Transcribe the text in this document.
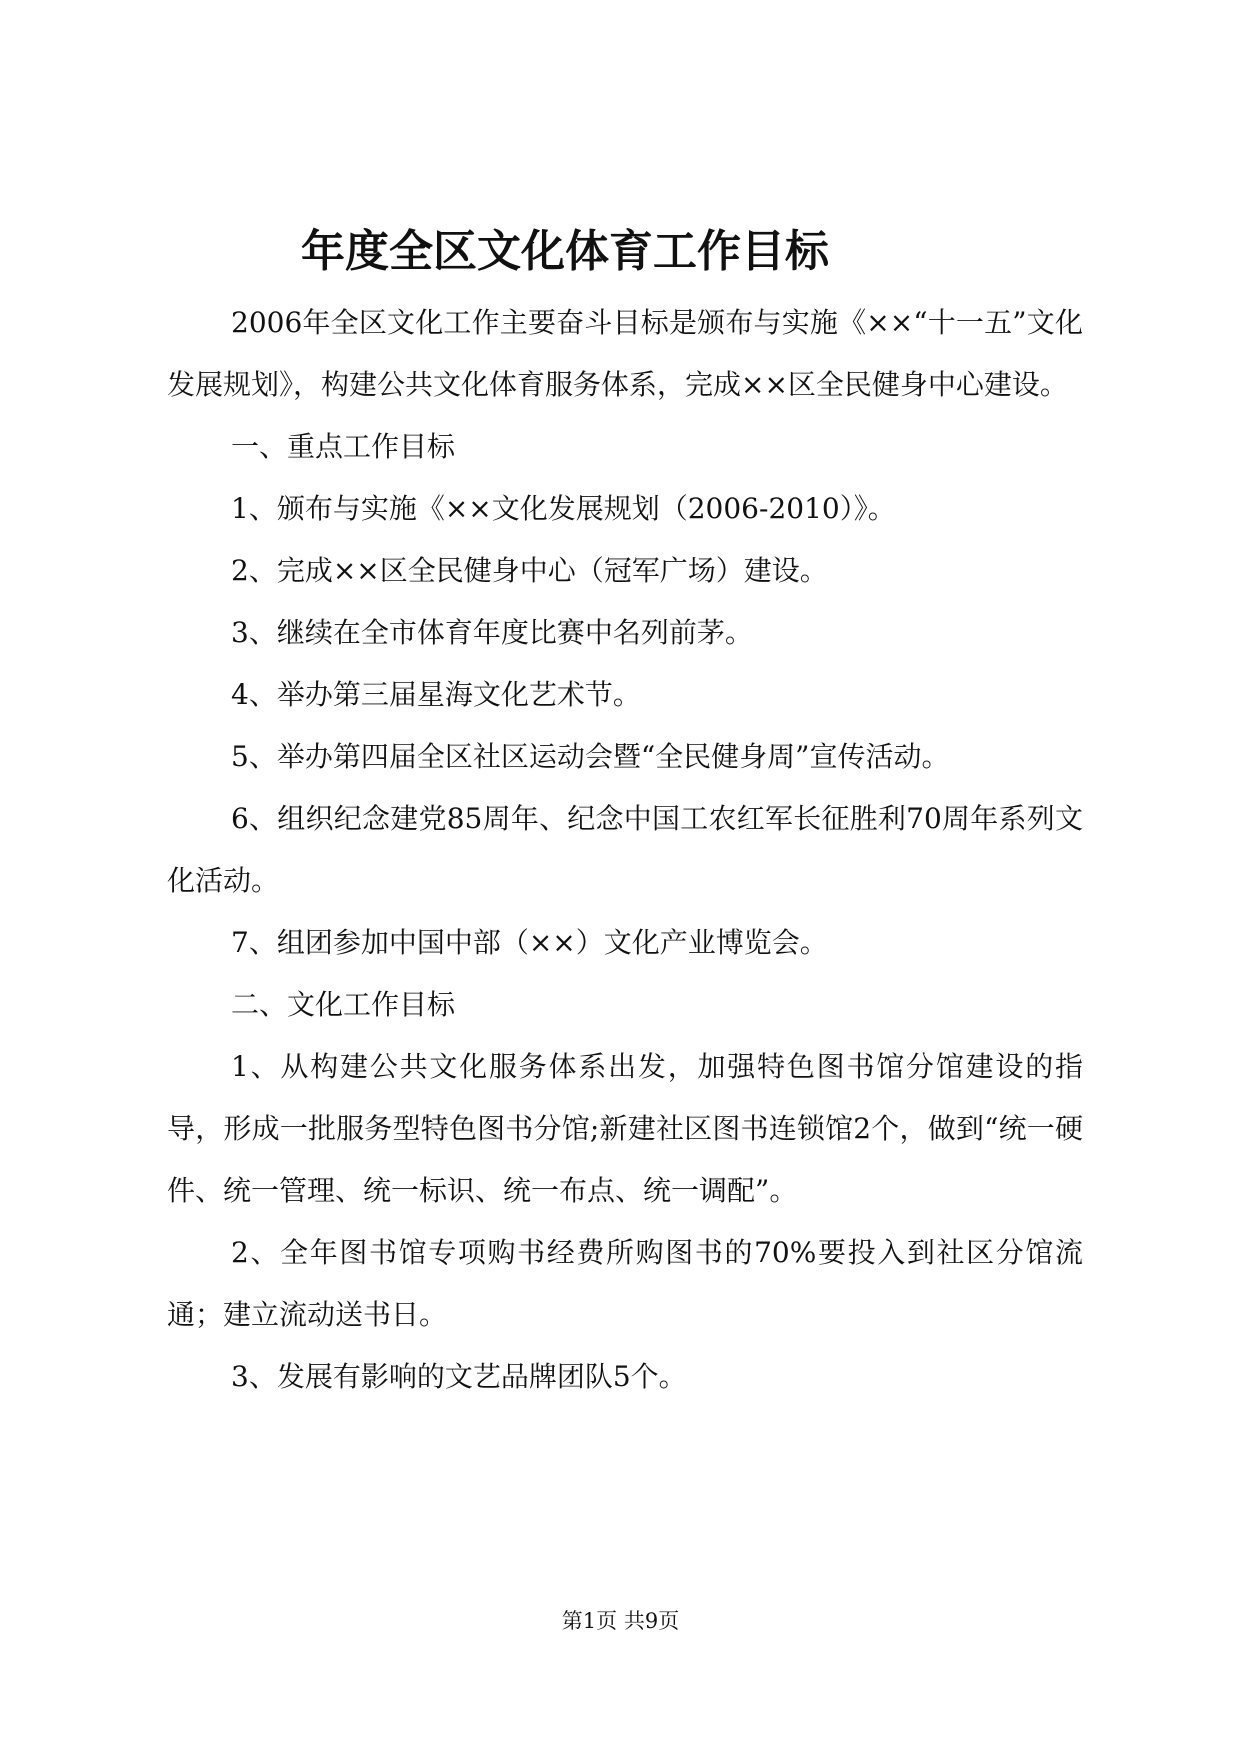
年度全区文化体育工作目标

2006年全区文化工作主要奋斗目标是颁布与实施《××“十一五”文化发展规划》，构建公共文化体育服务体系，完成××区全民健身中心建设。

一、重点工作目标

1、颁布与实施《××文化发展规划（2006-2010）》。

2、完成××区全民健身中心（冠军广场）建设。

3、继续在全市体育年度比赛中名列前茅。

4、举办第三届星海文化艺术节。

5、举办第四届全区社区运动会暨“全民健身周”宣传活动。

6、组织纪念建党85周年、纪念中国工农红军长征胜利70周年系列文化活动。

7、组团参加中国中部（××）文化产业博览会。

二、文化工作目标

1、从构建公共文化服务体系出发，加强特色图书馆分馆建设的指导，形成一批服务型特色图书分馆;新建社区图书连锁馆2个，做到“统一硬件、统一管理、统一标识、统一布点、统一调配”。

2、全年图书馆专项购书经费所购图书的70%要投入到社区分馆流通；建立流动送书日。

3、发展有影响的文艺品牌团队5个。

第1页 共9页
